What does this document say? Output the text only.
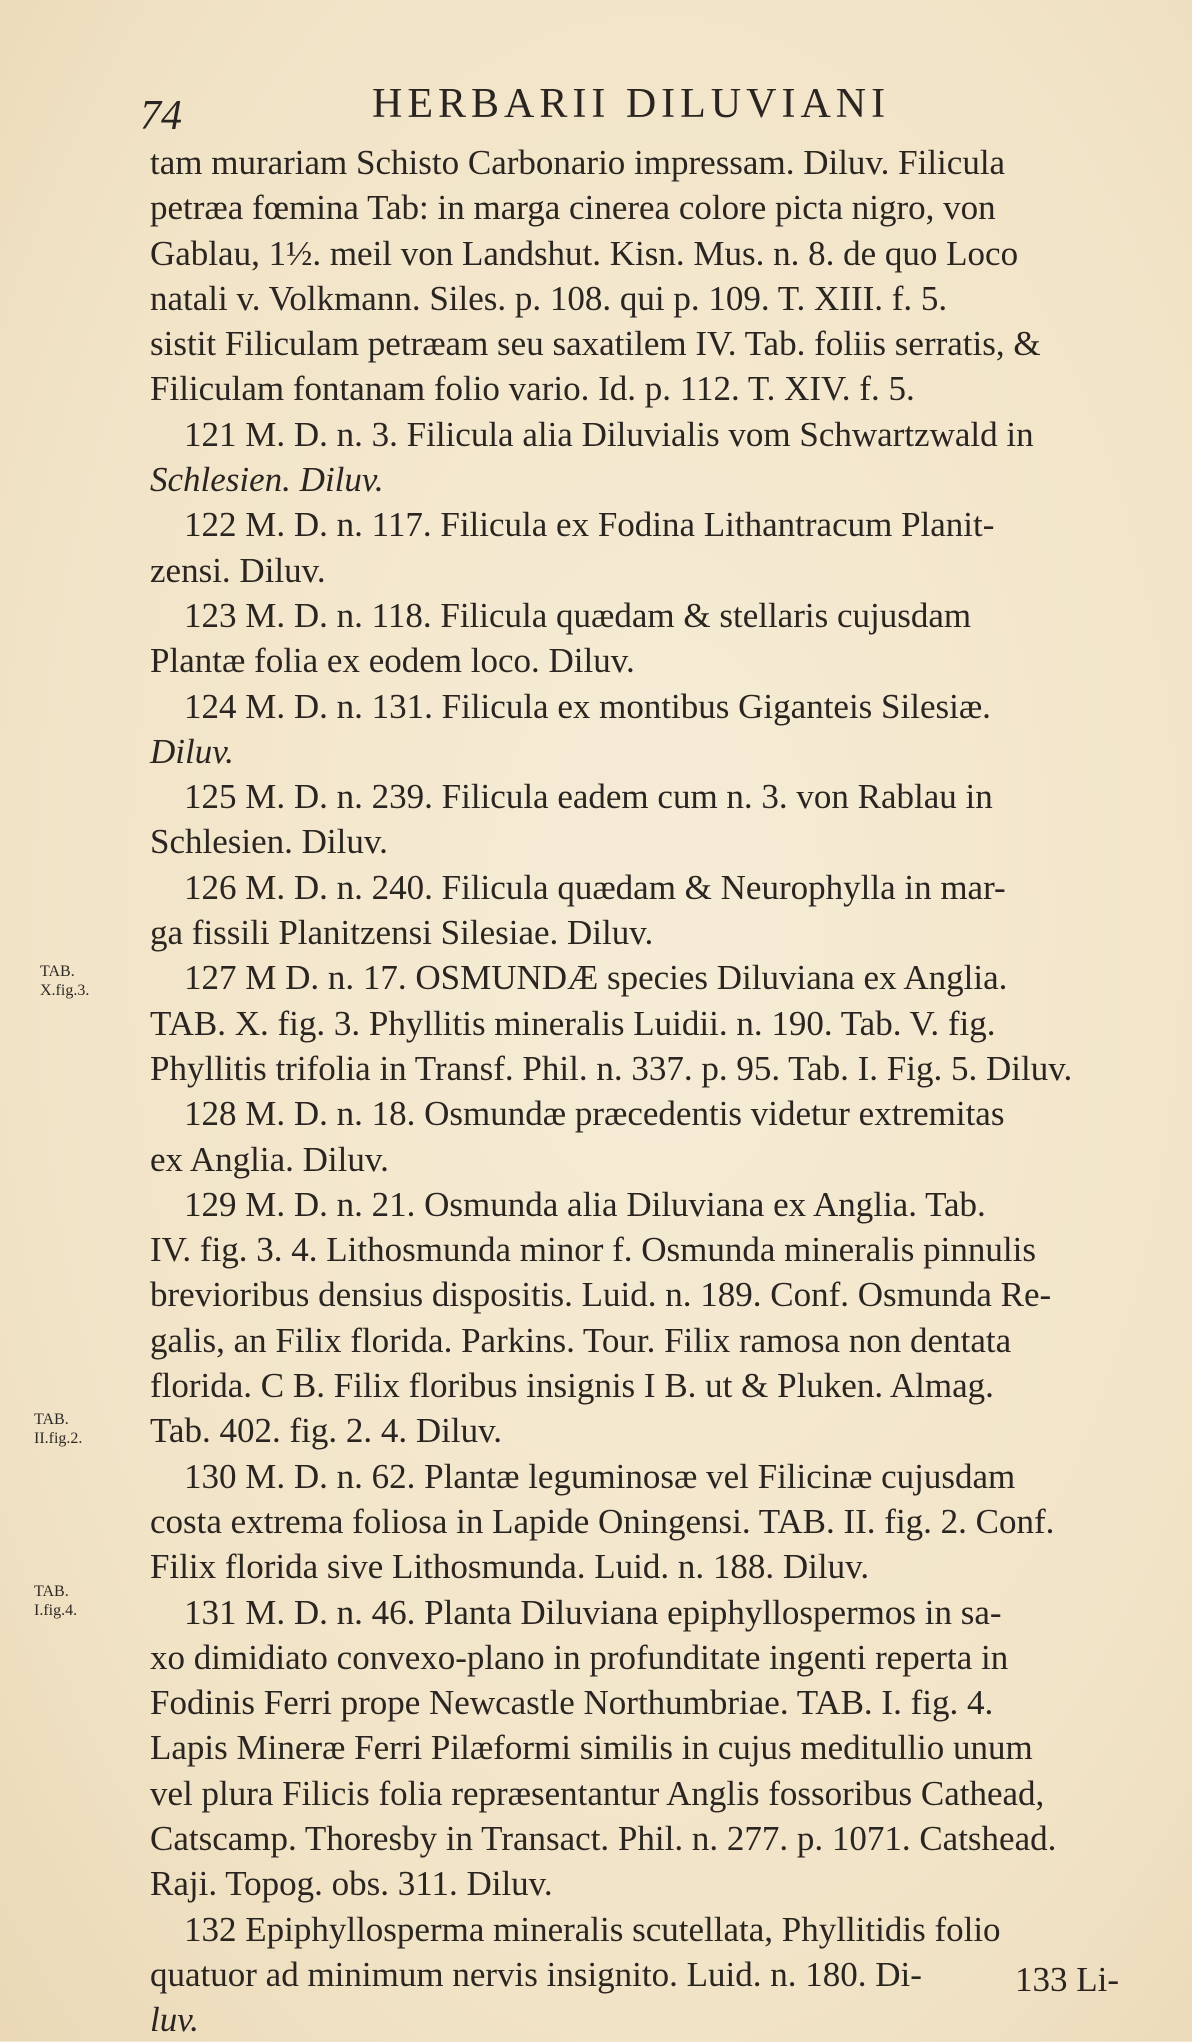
74	HERBARII DILUVIANI
TAB. X.fig.3.
TAB. II.fig.2.
TAB. I.fig.4.
tam murariam Schisto Carbonario impressam. Diluv. Filicula
petræa fœmina Tab: in marga cinerea colore picta nigro, von
Gablau, 1½. meil von Landshut. Kisn. Mus. n. 8. de quo Loco
natali v. Volkmann. Siles. p. 108. qui p. 109. T. XIII. f. 5.
sistit Filiculam petræam seu saxatilem IV. Tab. foliis serratis, &
Filiculam fontanam folio vario. Id. p. 112. T. XIV. f. 5.
121 M. D. n. 3. Filicula alia Diluvialis vom Schwartzwald in
Schlesien. Diluv.
122 M. D. n. 117. Filicula ex Fodina Lithantracum Planit-
zensi. Diluv.
123 M. D. n. 118. Filicula quædam & stellaris cujusdam
Plantæ folia ex eodem loco. Diluv.
124 M. D. n. 131. Filicula ex montibus Giganteis Silesiæ.
Diluv.
125 M. D. n. 239. Filicula eadem cum n. 3. von Rablau in
Schlesien. Diluv.
126 M. D. n. 240. Filicula quædam & Neurophylla in mar-
ga fissili Planitzensi Silesiae. Diluv.
127 M D. n. 17. OSMUNDÆ species Diluviana ex Anglia.
TAB. X. fig. 3. Phyllitis mineralis Luidii. n. 190. Tab. V. fig.
Phyllitis trifolia in Transf. Phil. n. 337. p. 95. Tab. I. Fig. 5. Diluv.
128 M. D. n. 18. Osmundæ præcedentis videtur extremitas
ex Anglia. Diluv.
129 M. D. n. 21. Osmunda alia Diluviana ex Anglia. Tab.
IV. fig. 3. 4. Lithosmunda minor f. Osmunda mineralis pinnulis
brevioribus densius dispositis. Luid. n. 189. Conf. Osmunda Re-
galis, an Filix florida. Parkins. Tour. Filix ramosa non dentata
florida. C B. Filix floribus insignis I B. ut & Pluken. Almag.
Tab. 402. fig. 2. 4. Diluv.
130 M. D. n. 62. Plantæ leguminosæ vel Filicinæ cujusdam
costa extrema foliosa in Lapide Oningensi. TAB. II. fig. 2. Conf.
Filix florida sive Lithosmunda. Luid. n. 188. Diluv.
131 M. D. n. 46. Planta Diluviana epiphyllospermos in sa-
xo dimidiato convexo-plano in profunditate ingenti reperta in
Fodinis Ferri prope Newcastle Northumbriae. TAB. I. fig. 4.
Lapis Mineræ Ferri Pilæformi similis in cujus meditullio unum
vel plura Filicis folia repræsentantur Anglis fossoribus Cathead,
Catscamp. Thoresby in Transact. Phil. n. 277. p. 1071. Catshead.
Raji. Topog. obs. 311. Diluv.
132 Epiphyllosperma mineralis scutellata, Phyllitidis folio
quatuor ad minimum nervis insignito. Luid. n. 180. Di-
luv.
133 Li-
